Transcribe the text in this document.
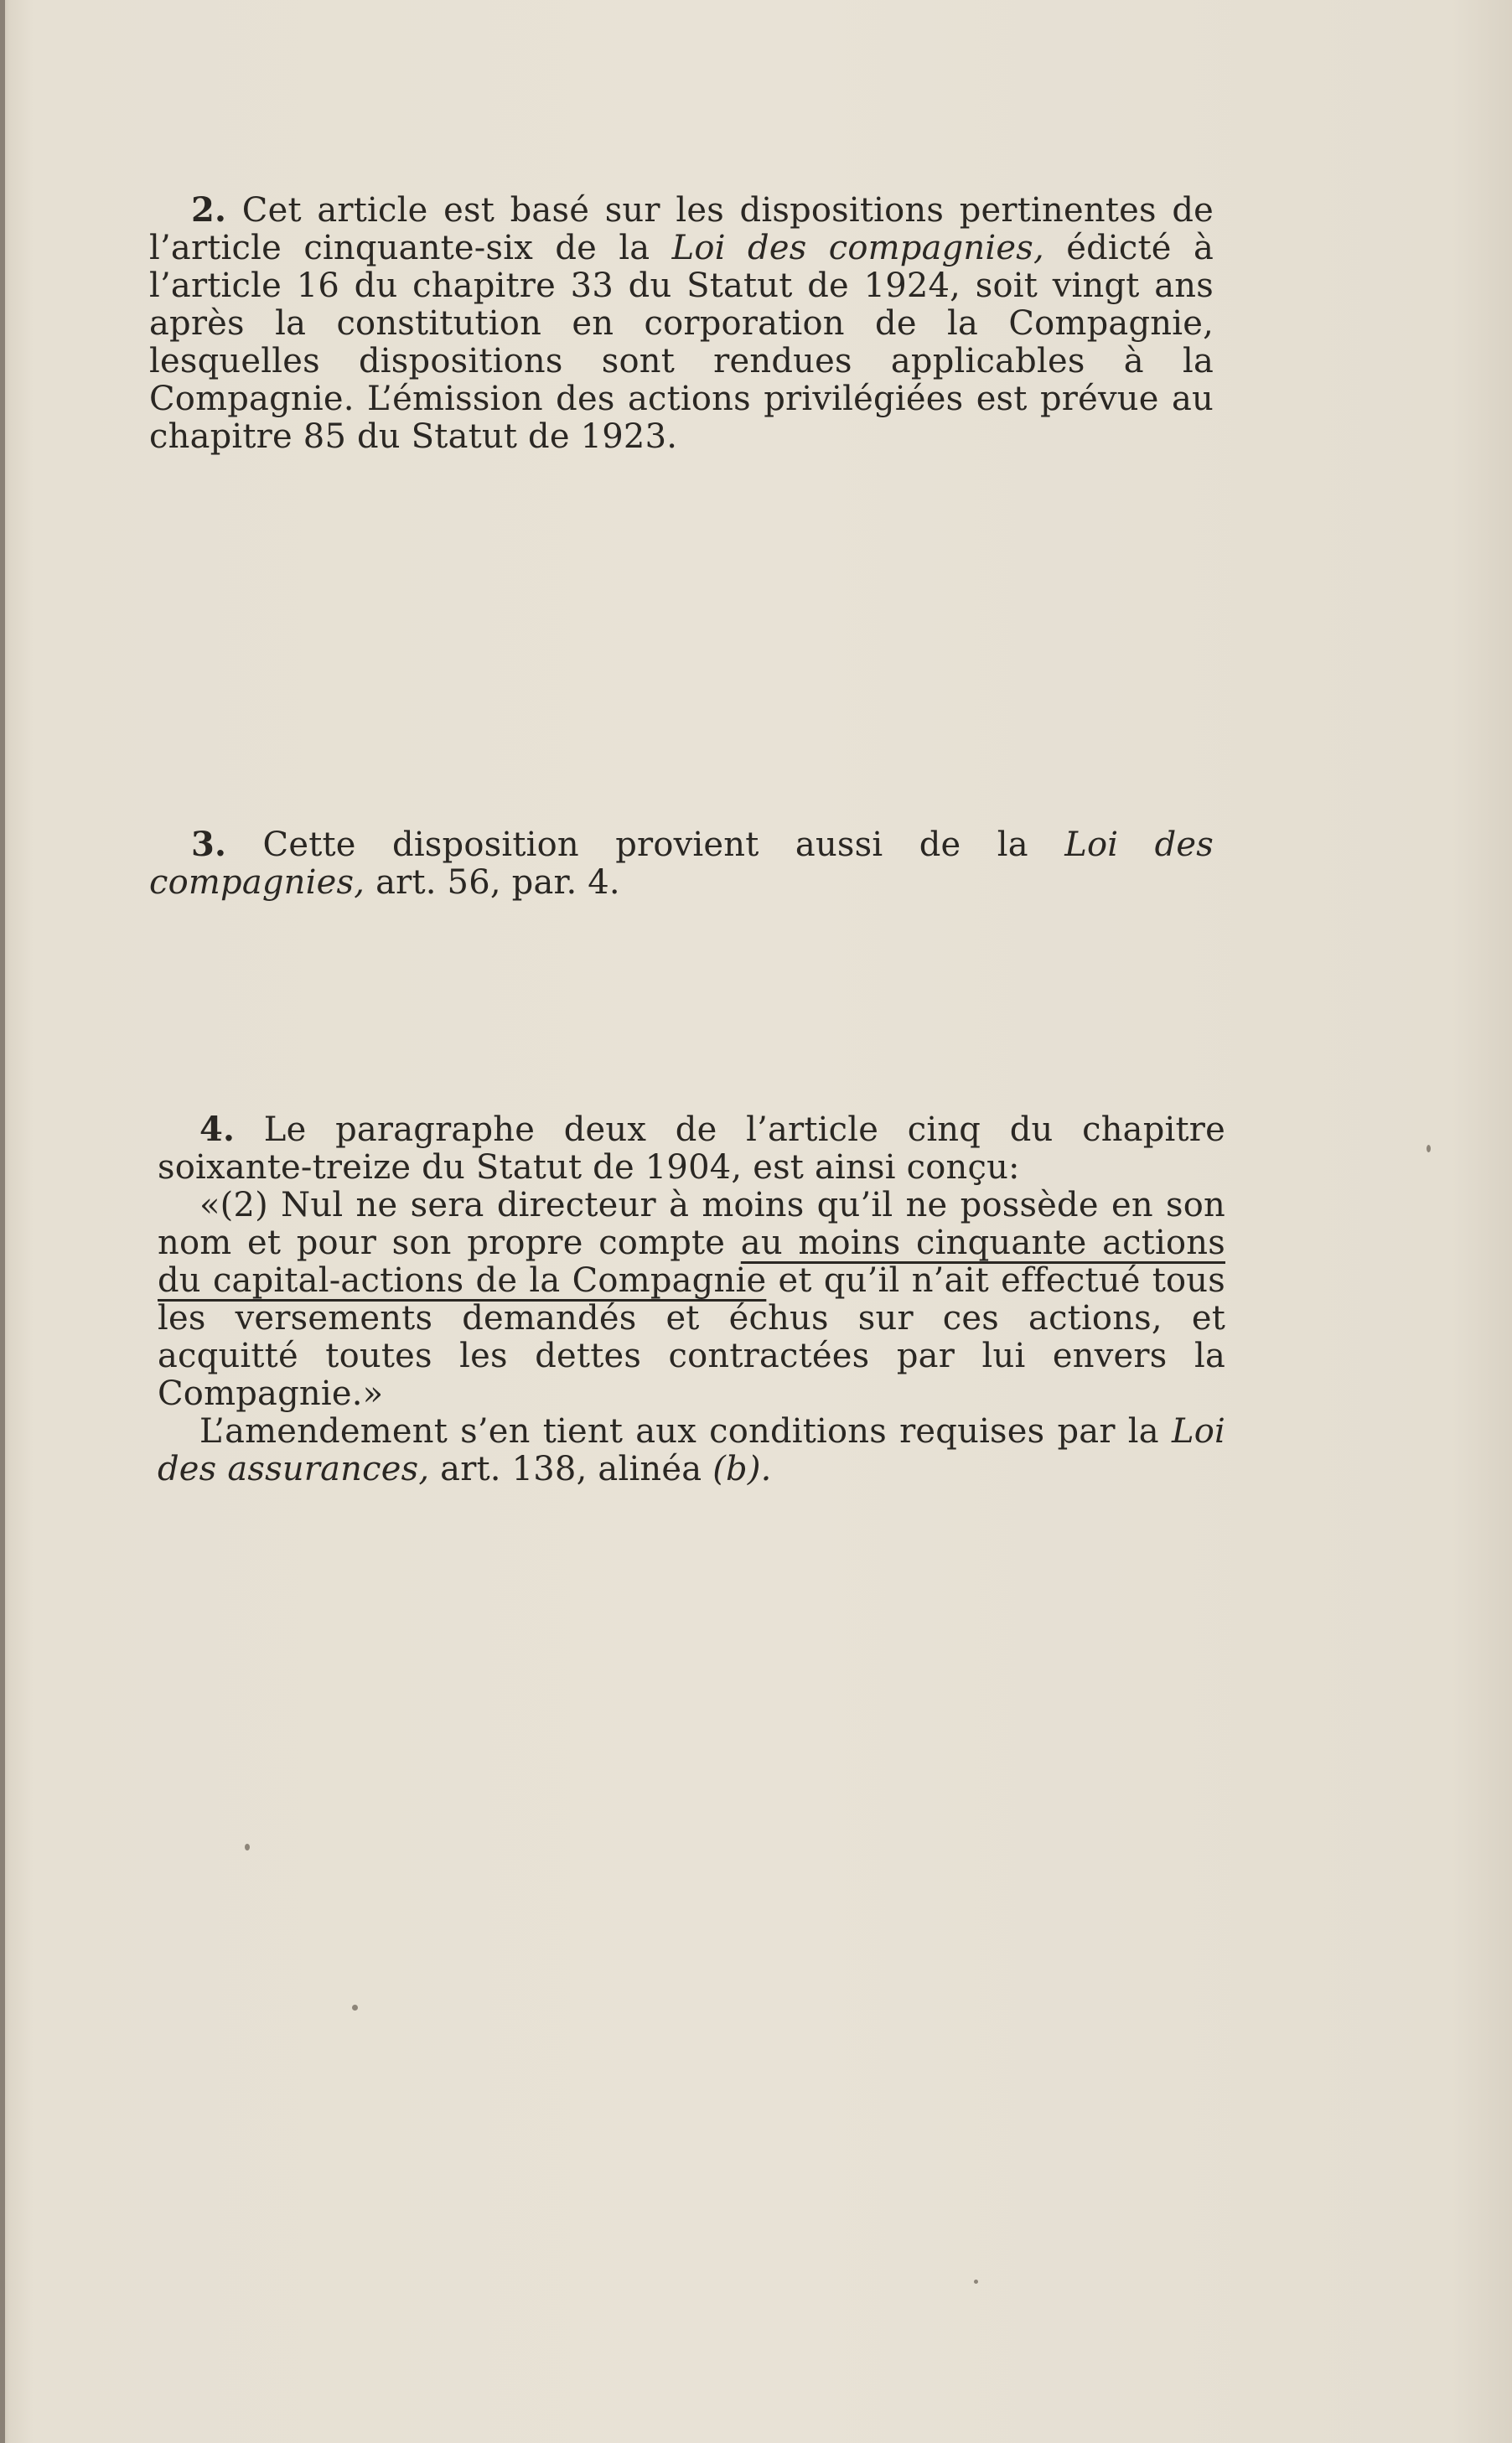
2. Cet article est basé sur les dispositions pertinentes de l’article cinquante-six de la Loi des compagnies, édicté à l’article 16 du chapitre 33 du Statut de 1924, soit vingt ans après la constitution en corporation de la Compagnie, lesquelles dispositions sont rendues applicables à la Compagnie. L’émission des actions privilégiées est prévue au chapitre 85 du Statut de 1923.

3. Cette disposition provient aussi de la Loi des compagnies, art. 56, par. 4.

4. Le paragraphe deux de l’article cinq du chapitre soixante-treize du Statut de 1904, est ainsi conçu:

«(2) Nul ne sera directeur à moins qu’il ne possède en son nom et pour son propre compte au moins cinquante actions du capital-actions de la Compagnie et qu’il n’ait effectué tous les versements demandés et échus sur ces actions, et acquitté toutes les dettes contractées par lui envers la Compagnie.»

L’amendement s’en tient aux conditions requises par la Loi des assurances, art. 138, alinéa (b).
